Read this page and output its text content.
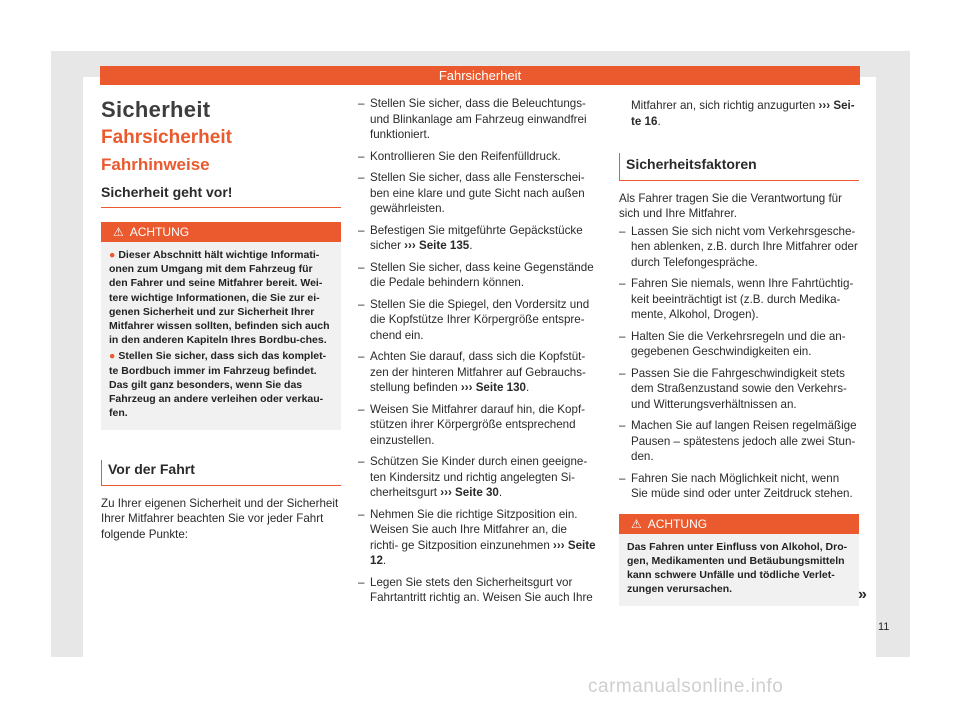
Fahrsicherheit
Sicherheit
Fahrsicherheit
Fahrhinweise
Sicherheit geht vor!
⚠ ACHTUNG

● Dieser Abschnitt hält wichtige Informati-onen zum Umgang mit dem Fahrzeug für den Fahrer und seine Mitfahrer bereit. Wei-tere wichtige Informationen, die Sie zur ei-genen Sicherheit und zur Sicherheit Ihrer Mitfahrer wissen sollten, befinden sich auch in den anderen Kapiteln Ihres Bordbu-ches.

● Stellen Sie sicher, dass sich das komplet-te Bordbuch immer im Fahrzeug befindet. Das gilt ganz besonders, wenn Sie das Fahrzeug an andere verleihen oder verkau-fen.

Vor der Fahrt

Zu Ihrer eigenen Sicherheit und der Sicherheit Ihrer Mitfahrer beachten Sie vor jeder Fahrt folgende Punkte:

– Stellen Sie sicher, dass die Beleuchtungs- und Blinkanlage am Fahrzeug einwandfrei funktioniert.
– Kontrollieren Sie den Reifenfülldruck.
– Stellen Sie sicher, dass alle Fensterschei- ben eine klare und gute Sicht nach außen gewährleisten.
– Befestigen Sie mitgeführte Gepäckstücke sicher ››› Seite 135.
– Stellen Sie sicher, dass keine Gegenstände die Pedale behindern können.
– Stellen Sie die Spiegel, den Vordersitz und die Kopfstütze Ihrer Körpergröße entspre- chend ein.
– Achten Sie darauf, dass sich die Kopfstüt- zen der hinteren Mitfahrer auf Gebrauchs- stellung befinden ››› Seite 130.
– Weisen Sie Mitfahrer darauf hin, die Kopf- stützen ihrer Körpergröße entsprechend einzustellen.
– Schützen Sie Kinder durch einen geeigne- ten Kindersitz und richtig angelegten Si- cherheitsgurt ››› Seite 30.
– Nehmen Sie die richtige Sitzposition ein. Weisen Sie auch Ihre Mitfahrer an, die richti- ge Sitzposition einzunehmen ››› Seite 12.
– Legen Sie stets den Sicherheitsgurt vor Fahrtantritt richtig an. Weisen Sie auch Ihre

Mitfahrer an, sich richtig anzugurten ››› Sei- te 16.

Sicherheitsfaktoren

Als Fahrer tragen Sie die Verantwortung für sich und Ihre Mitfahrer.

– Lassen Sie sich nicht vom Verkehrsgesche- hen ablenken, z.B. durch Ihre Mitfahrer oder durch Telefongespräche.
– Fahren Sie niemals, wenn Ihre Fahrtüchtig- keit beeinträchtigt ist (z.B. durch Medika- mente, Alkohol, Drogen).
– Halten Sie die Verkehrsregeln und die an- gegebenen Geschwindigkeiten ein.
– Passen Sie die Fahrgeschwindigkeit stets dem Straßenzustand sowie den Verkehrs- und Witterungsverhältnissen an.
– Machen Sie auf langen Reisen regelmäßige Pausen – spätestens jedoch alle zwei Stun- den.
– Fahren Sie nach Möglichkeit nicht, wenn Sie müde sind oder unter Zeitdruck stehen.
⚠ ACHTUNG

Das Fahren unter Einfluss von Alkohol, Dro- gen, Medikamenten und Betäubungsmitteln kann schwere Unfälle und tödliche Verlet- zungen verursachen.	»
11
carmanualsonline.info
